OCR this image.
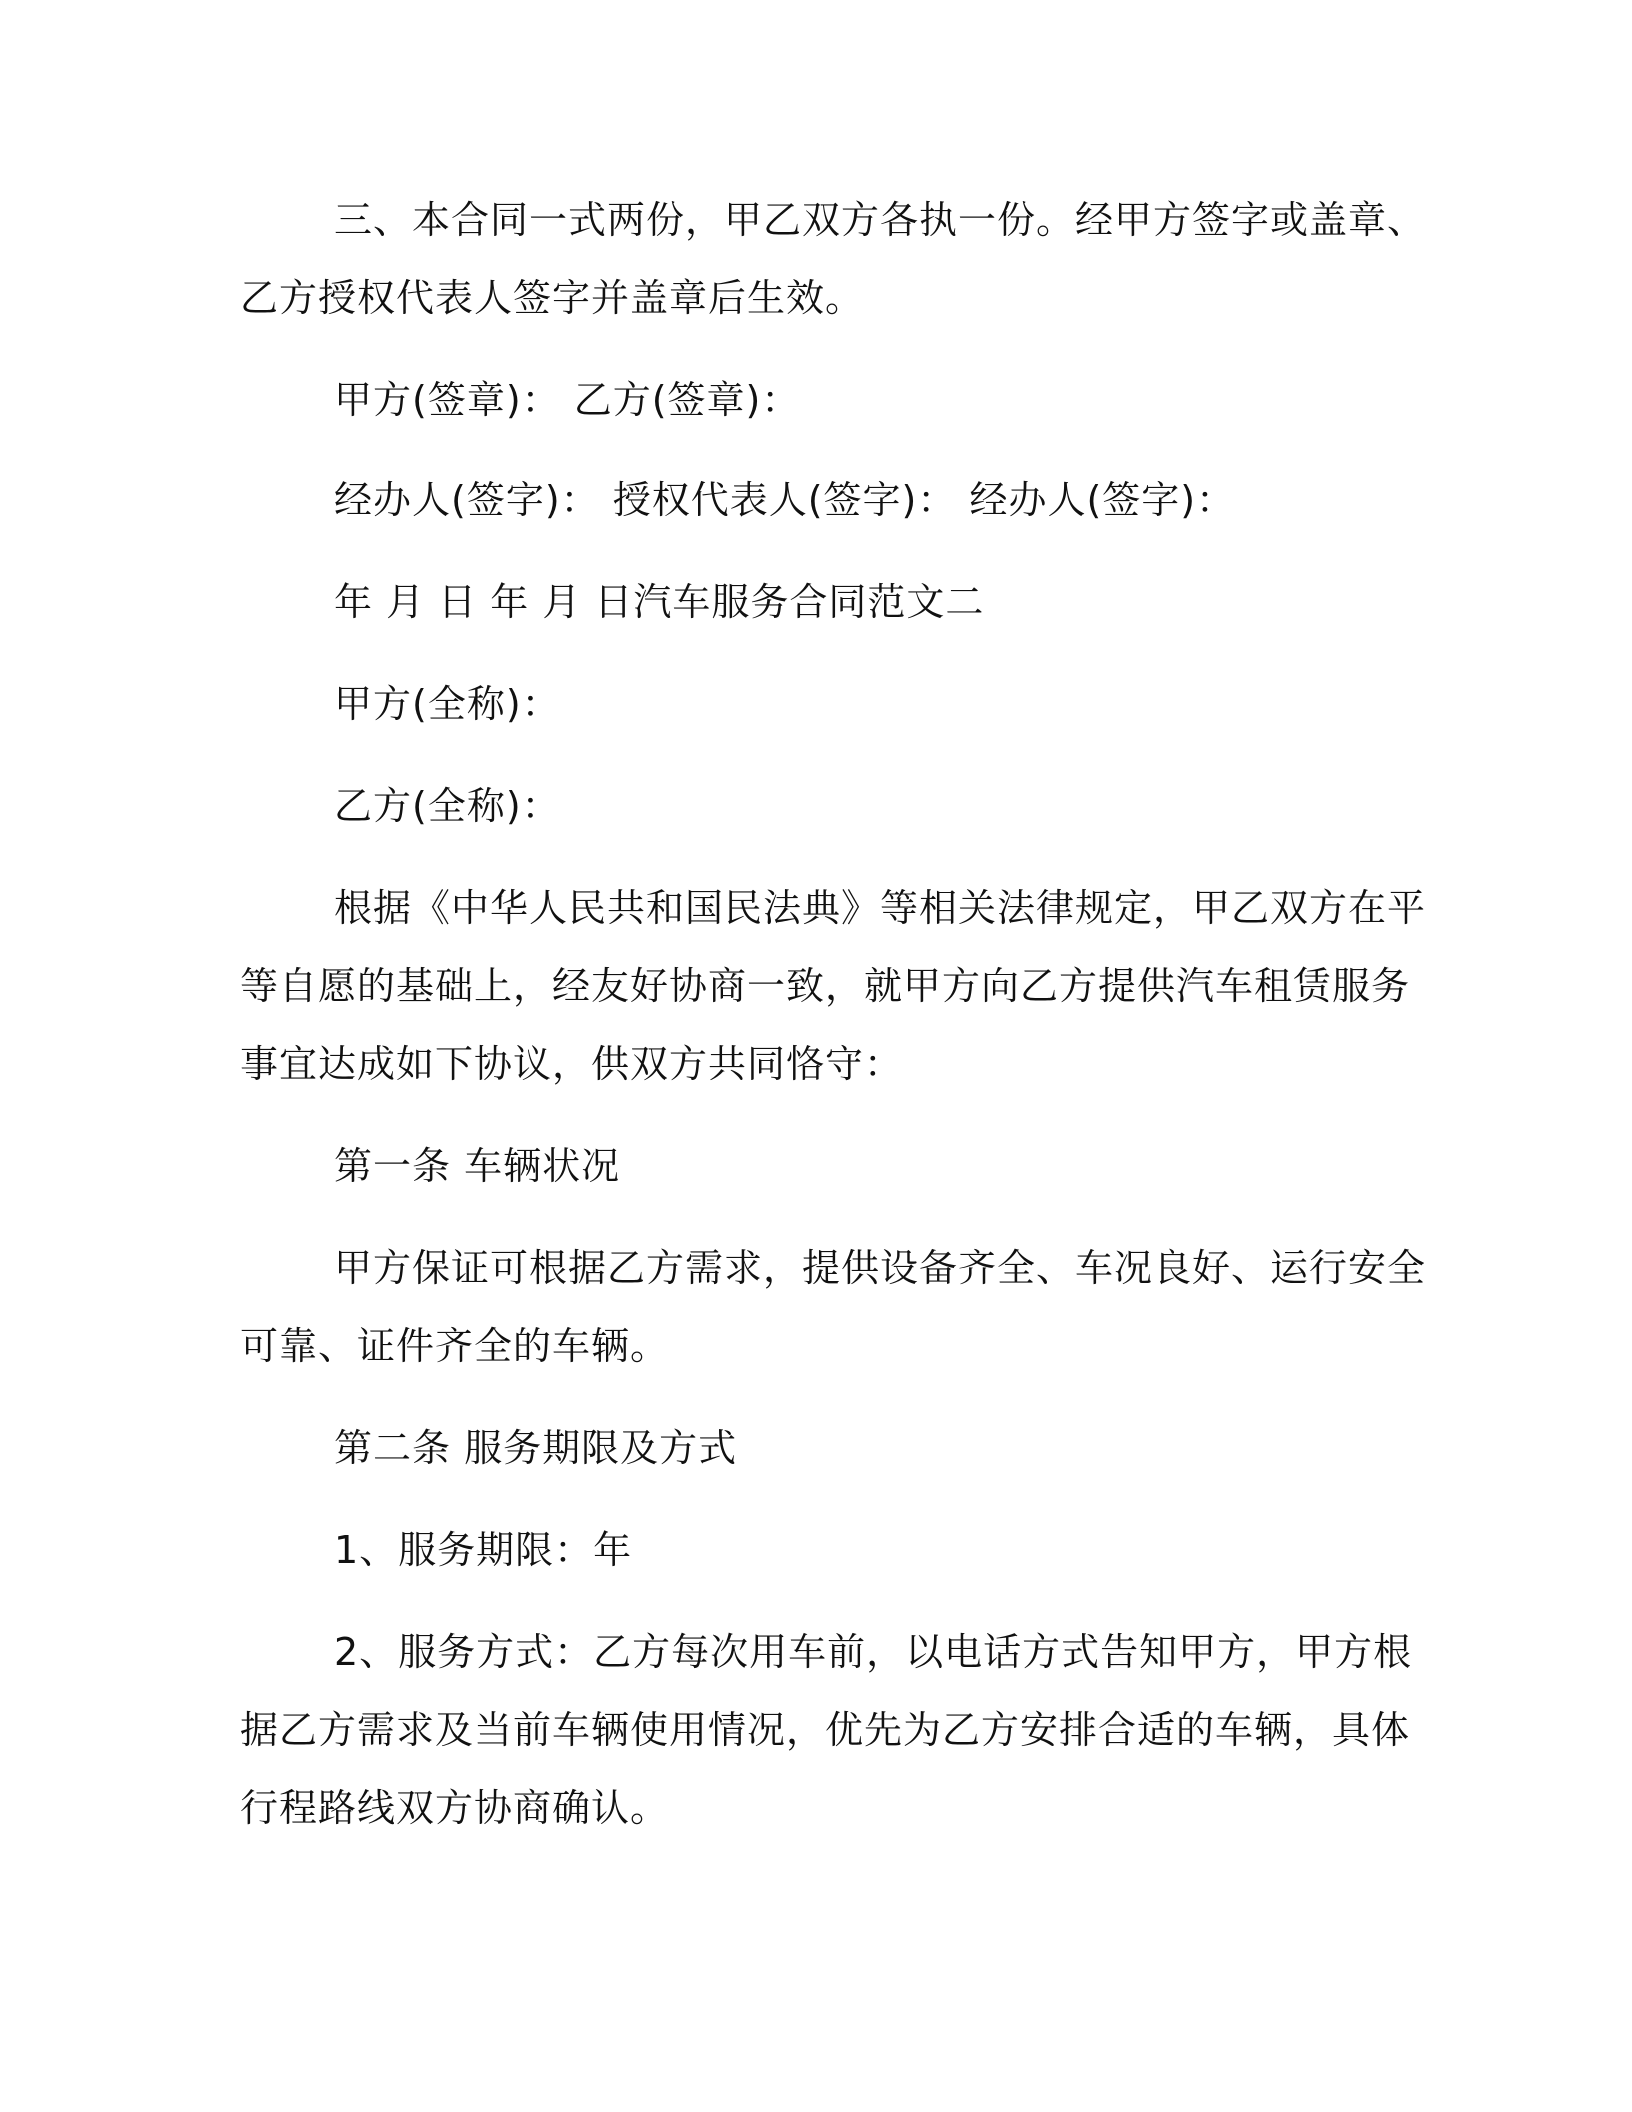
三、本合同一式两份，甲乙双方各执一份。经甲方签字或盖章、
乙方授权代表人签字并盖章后生效。
甲方(签章)： 乙方(签章)：
经办人(签字)： 授权代表人(签字)： 经办人(签字)：
年 月 日 年 月 日汽车服务合同范文二
甲方(全称)：
乙方(全称)：
根据《中华人民共和国民法典》等相关法律规定，甲乙双方在平
等自愿的基础上，经友好协商一致，就甲方向乙方提供汽车租赁服务
事宜达成如下协议，供双方共同恪守：
第一条 车辆状况
甲方保证可根据乙方需求，提供设备齐全、车况良好、运行安全
可靠、证件齐全的车辆。
第二条 服务期限及方式
1、服务期限：年
2、服务方式：乙方每次用车前，以电话方式告知甲方，甲方根
据乙方需求及当前车辆使用情况，优先为乙方安排合适的车辆，具体
行程路线双方协商确认。
